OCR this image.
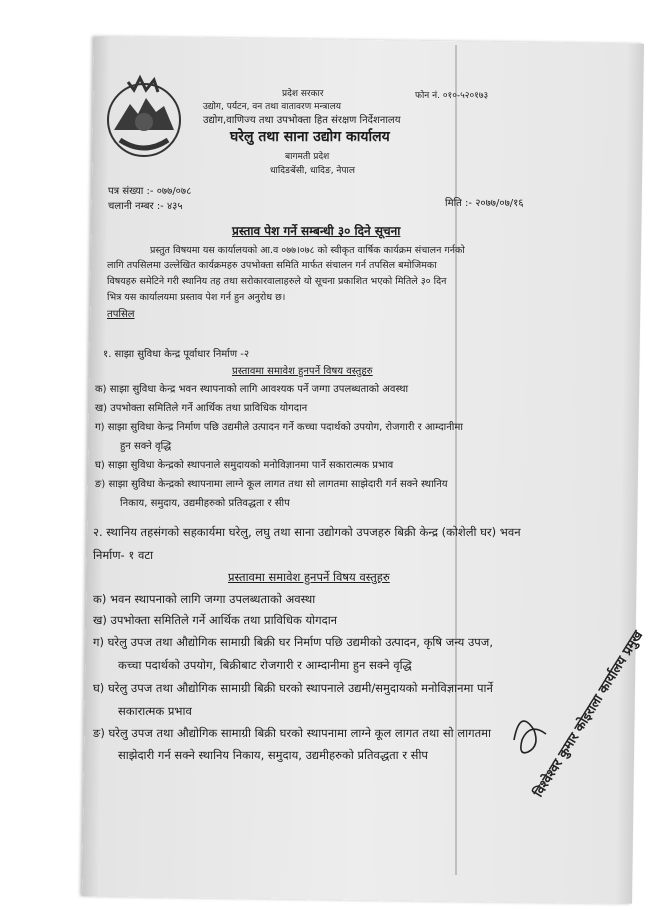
प्रदेश सरकार	फोन नं. ०१०-५२०१७३
उद्योग, पर्यटन, वन तथा वातावरण मन्त्रालय
उद्योग,वाणिज्य तथा उपभोक्ता हित संरक्षण निर्देशनालय
घरेलु तथा साना उद्योग कार्यालय
बागमती प्रदेश
धादिङबेंसी, धादिङ, नेपाल
पत्र संख्या :- ०७७/०७८
चलानी नम्बर :- ४३५	मिति :- २०७७/०७/१६
प्रस्ताव पेश गर्ने सम्बन्धी ३० दिने सूचना
प्रस्तुत विषयमा यस कार्यालयको आ.व ०७७।०७८ को स्वीकृत वार्षिक कार्यक्रम संचालन गर्नको
लागि तपसिलमा उल्लेखित कार्यक्रमहरु उपभोक्ता समिति मार्फत संचालन गर्न तपसिल बमोजिमका
विषयहरु समेटिने गरी स्थानिय तह तथा सरोकारवालाहरुले यो सूचना प्रकाशित भएको मितिले ३० दिन
भित्र यस कार्यालयमा प्रस्ताव पेश गर्न हुन अनुरोध छ।
तपसिल
१. साझा सुविधा केन्द्र पूर्वाधार निर्माण -२
प्रस्तावमा समावेश हुनपर्ने विषय वस्तुहरु
क) साझा सुविधा केन्द्र भवन स्थापनाको लागि आवश्यक पर्ने जग्गा उपलब्धताको अवस्था
ख) उपभोक्ता समितिले गर्ने आर्थिक तथा प्राविधिक योगदान
ग) साझा सुविधा केन्द्र निर्माण पछि उद्यमीले उत्पादन गर्ने कच्चा पदार्थको उपयोग, रोजगारी र आम्दानीमा
हुन सक्ने वृद्धि
घ) साझा सुविधा केन्द्रको स्थापनाले समुदायको मनोविज्ञानमा पार्ने सकारात्मक प्रभाव
ङ) साझा सुविधा केन्द्रको स्थापनामा लाग्ने कूल लागत तथा सो लागतमा साझेदारी गर्न सक्ने स्थानिय
निकाय, समुदाय, उद्यमीहरुको प्रतिवद्धता र सीप
२. स्थानिय तहसंगको सहकार्यमा घरेलु, लघु तथा साना उद्योगको उपजहरु बिक्री केन्द्र (कोशेली घर) भवन
निर्माण- १ वटा
प्रस्तावमा समावेश हुनपर्ने विषय वस्तुहरु
क) भवन स्थापनाको लागि जग्गा उपलब्धताको अवस्था
ख) उपभोक्ता समितिले गर्ने आर्थिक तथा प्राविधिक योगदान
ग) घरेलु उपज तथा औद्योगिक सामाग्री बिक्री घर निर्माण पछि उद्यमीको उत्पादन, कृषि जन्य उपज,
कच्चा पदार्थको उपयोग, बिक्रीबाट रोजगारी र आम्दानीमा हुन सक्ने वृद्धि
घ) घरेलु उपज तथा औद्योगिक सामाग्री बिक्री घरको स्थापनाले उद्यमी/समुदायको मनोविज्ञानमा पार्ने
सकारात्मक प्रभाव
ङ) घरेलु उपज तथा औद्योगिक सामाग्री बिक्री घरको स्थापनामा लाग्ने कूल लागत तथा सो लागतमा
साझेदारी गर्न सक्ने स्थानिय निकाय, समुदाय, उद्यमीहरुको प्रतिवद्धता र सीप	विश्वेश्वर कुमार कोइराला कार्यालय प्रमुख
